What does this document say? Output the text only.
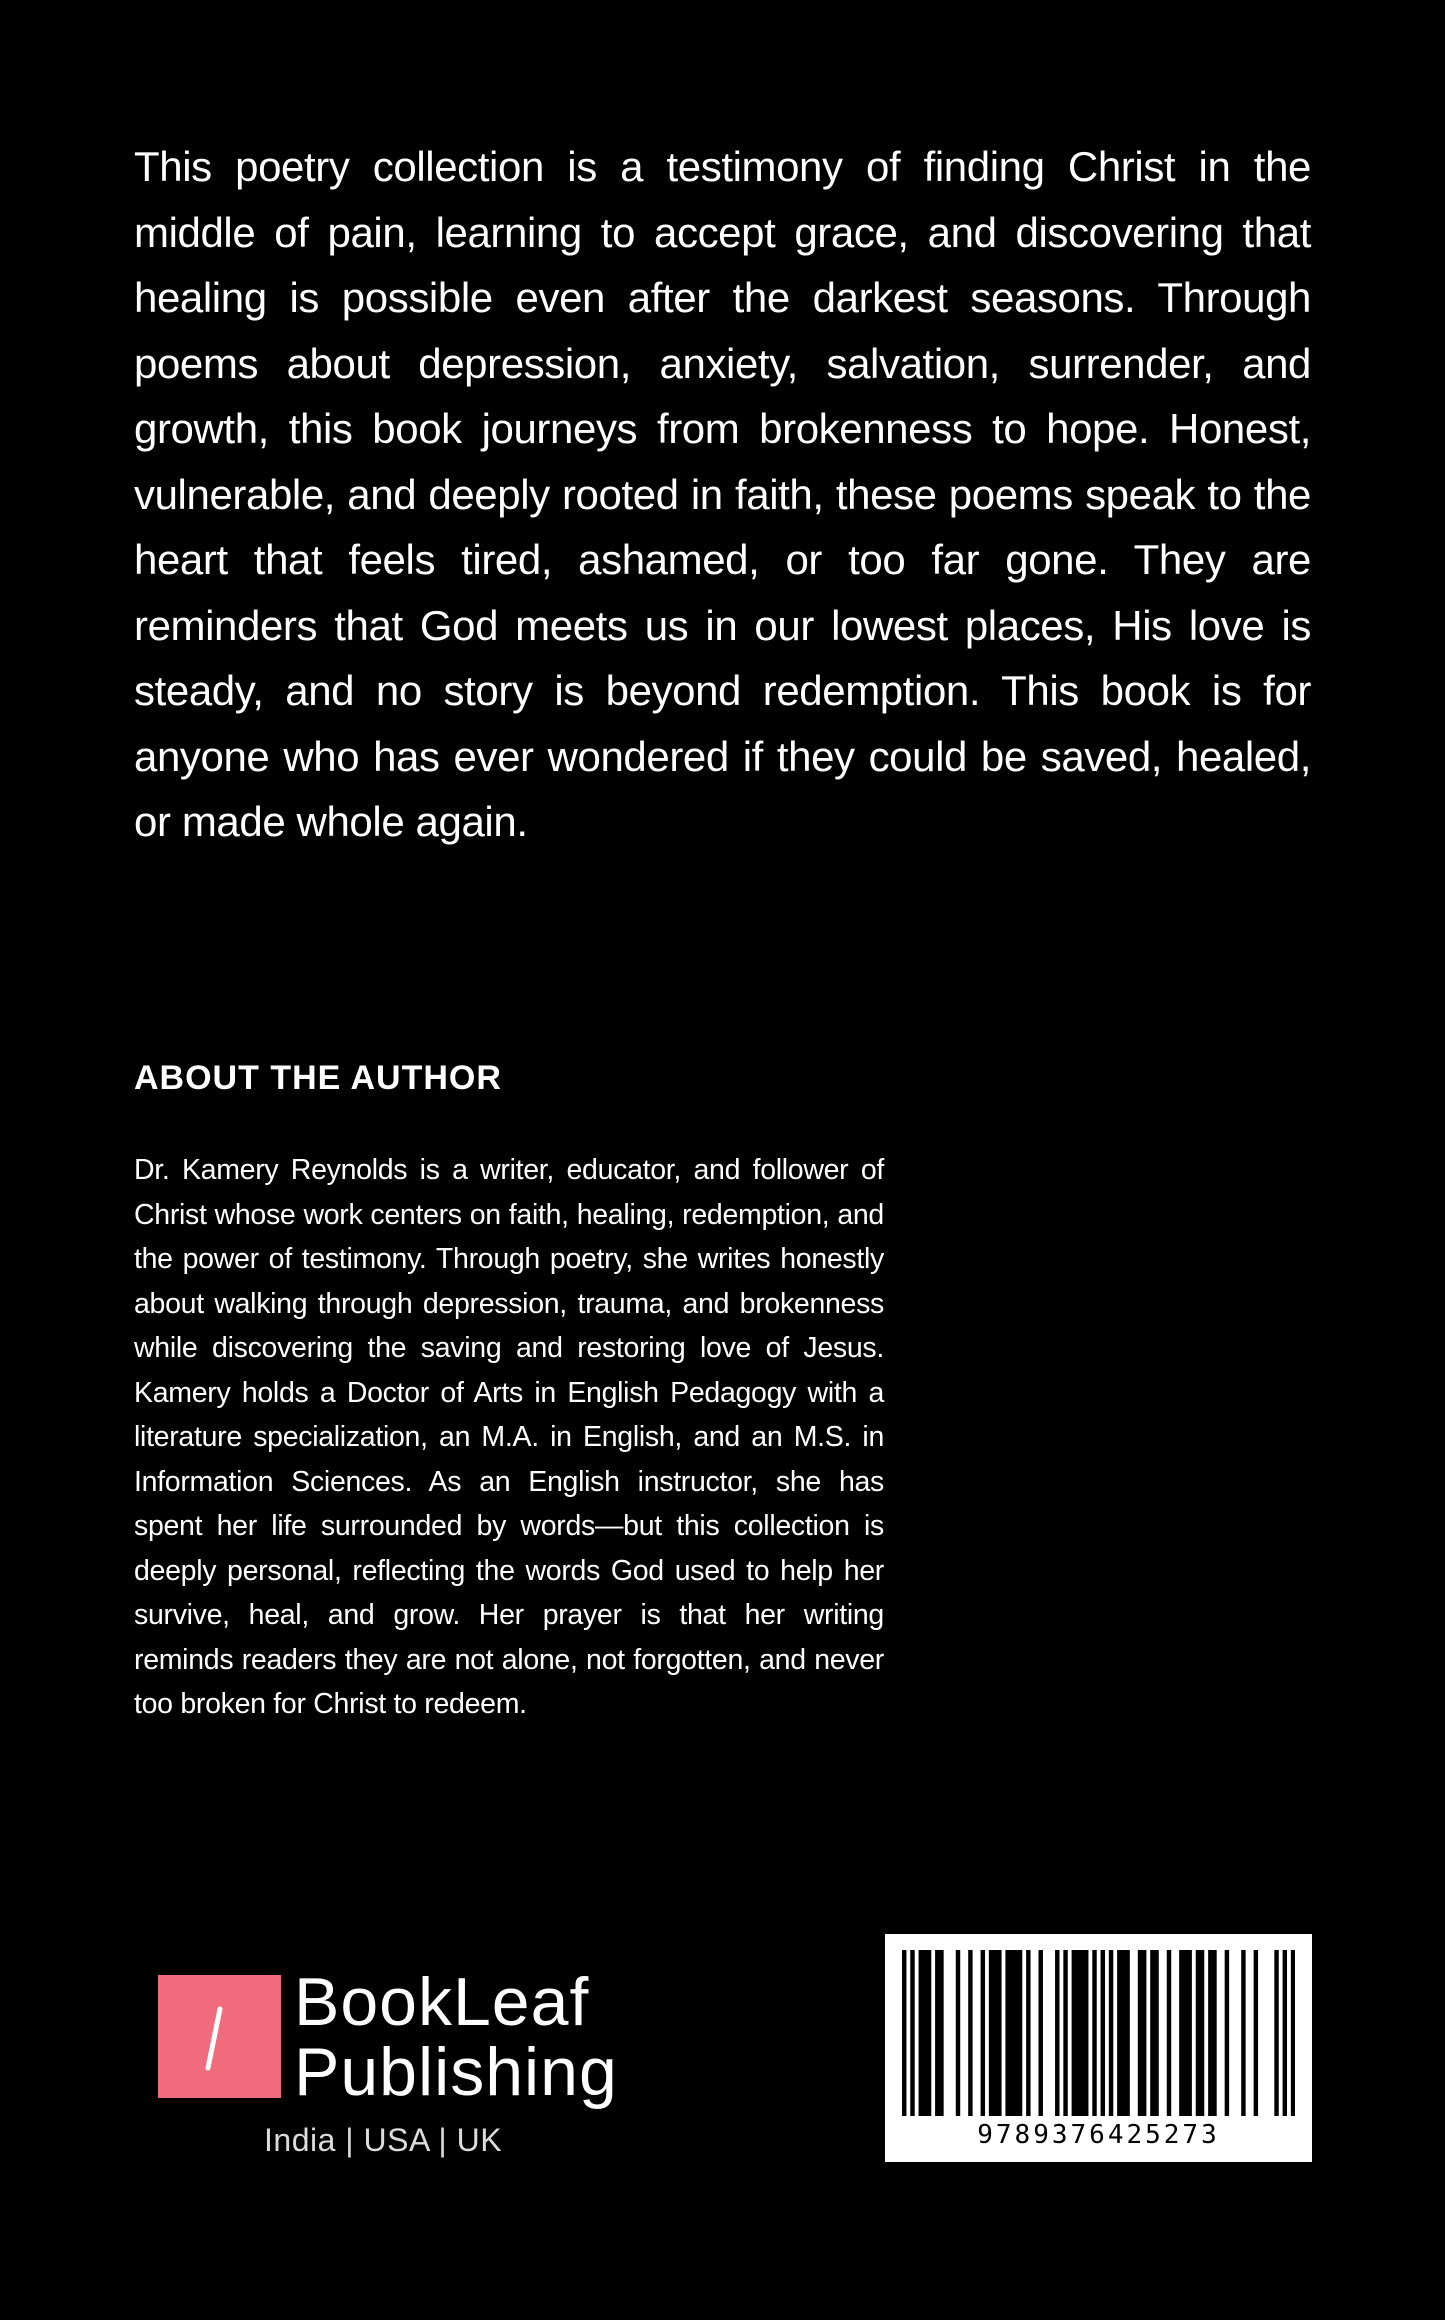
This poetry collection is a testimony of finding Christ in the middle of pain, learning to accept grace, and discovering that healing is possible even after the darkest seasons. Through poems about depression, anxiety, salvation, surrender, and growth, this book journeys from brokenness to hope. Honest, vulnerable, and deeply rooted in faith, these poems speak to the heart that feels tired, ashamed, or too far gone. They are reminders that God meets us in our lowest places, His love is steady, and no story is beyond redemption. This book is for anyone who has ever wondered if they could be saved, healed, or made whole again.

ABOUT THE AUTHOR

Dr. Kamery Reynolds is a writer, educator, and follower of Christ whose work centers on faith, healing, redemption, and the power of testimony. Through poetry, she writes honestly about walking through depression, trauma, and brokenness while discovering the saving and restoring love of Jesus. Kamery holds a Doctor of Arts in English Pedagogy with a literature specialization, an M.A. in English, and an M.S. in Information Sciences. As an English instructor, she has spent her life surrounded by words—but this collection is deeply personal, reflecting the words God used to help her survive, heal, and grow. Her prayer is that her writing reminds readers they are not alone, not forgotten, and never too broken for Christ to redeem.

BookLeaf
Publishing
India | USA | UK	9789376425273
